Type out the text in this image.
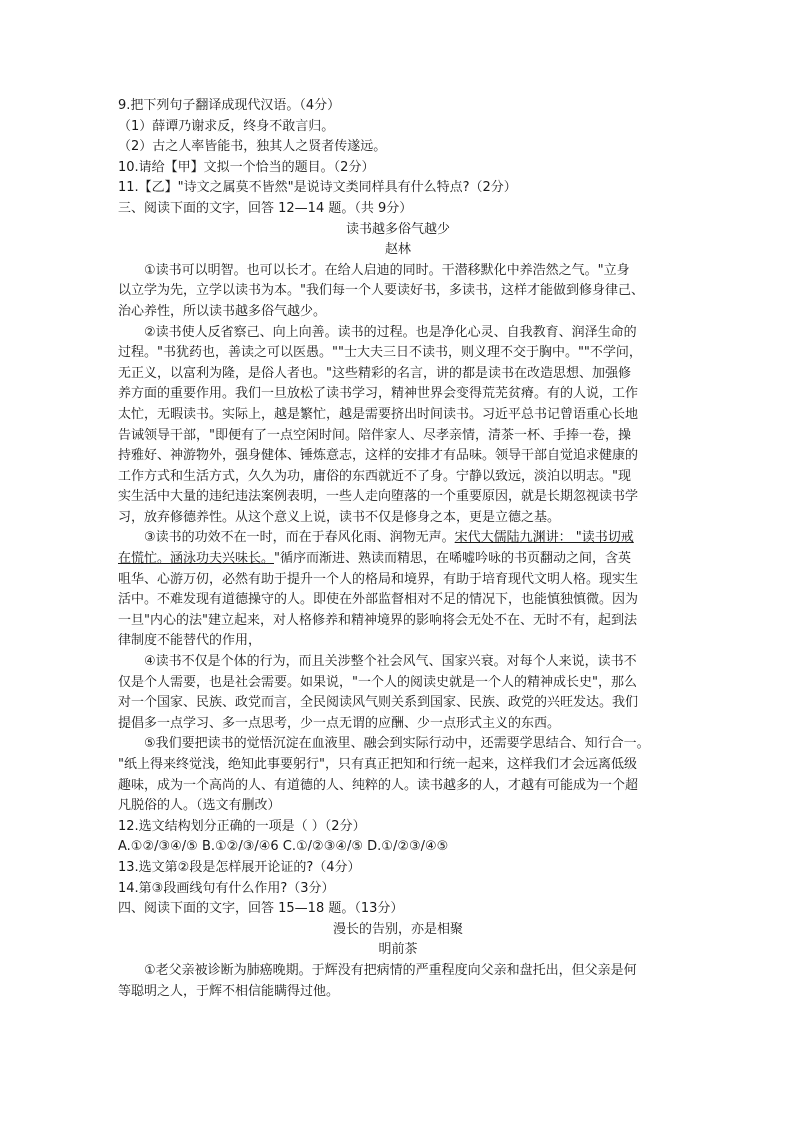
9.把下列句子翻译成现代汉语。（4分）
（1）薛谭乃谢求反，终身不敢言归。
（2）古之人率皆能书，独其人之贤者传遂远。
10.请给【甲】文拟一个恰当的题目。（2分）
11.【乙】"诗文之属莫不皆然"是说诗文类同样具有什么特点?（2分）
三、阅读下面的文字，回答 12—14 题。（共 9分）
读书越多俗气越少
赵林
①读书可以明智。也可以长才。在给人启迪的同时。干潜移默化中养浩然之气。"立身
以立学为先，立学以读书为本。"我们每一个人要读好书，多读书，这样才能做到修身律己、
治心养性，所以读书越多俗气越少。
②读书使人反省察己、向上向善。读书的过程。也是净化心灵、自我教育、润泽生命的
过程。"书犹药也，善读之可以医愚。""士大夫三日不读书，则义理不交于胸中。""不学问，
无正义，以富利为隆，是俗人者也。"这些精彩的名言，讲的都是读书在改造思想、加强修
养方面的重要作用。我们一旦放松了读书学习，精神世界会变得荒芜贫瘠。有的人说，工作
太忙，无暇读书。实际上，越是繁忙，越是需要挤出时间读书。习近平总书记曾语重心长地
告诫领导干部，"即便有了一点空闲时间。陪伴家人、尽孝亲情，清茶一杯、手捧一卷，操
持雅好、神游物外，强身健体、锤炼意志，这样的安排才有品味。领导干部自觉追求健康的
工作方式和生活方式，久久为功，庸俗的东西就近不了身。宁静以致远，淡泊以明志。"现
实生活中大量的违纪违法案例表明，一些人走向堕落的一个重要原因，就是长期忽视读书学
习，放弃修德养性。从这个意义上说，读书不仅是修身之本，更是立德之基。
③读书的功效不在一时，而在于春风化雨、润物无声。宋代大儒陆九渊讲： "读书切戒
在慌忙。涵泳功夫兴味长。"循序而渐进、熟读而精思，在唏嘘吟咏的书页翻动之间，含英
咀华、心游万仞，必然有助于提升一个人的格局和境界，有助于培育现代文明人格。现实生
活中。不难发现有道德操守的人。即使在外部监督相对不足的情况下，也能慎独慎微。因为
一旦"内心的法"建立起来，对人格修养和精神境界的影响将会无处不在、无时不有，起到法
律制度不能替代的作用，
④读书不仅是个体的行为，而且关涉整个社会风气、国家兴衰。对每个人来说，读书不
仅是个人需要，也是社会需要。如果说，"一个人的阅读史就是一个人的精神成长史"，那么
对一个国家、民族、政党而言，全民阅读风气则关系到国家、民族、政党的兴旺发达。我们
提倡多一点学习、多一点思考，少一点无谓的应酬、少一点形式主义的东西。
⑤我们要把读书的觉悟沉淀在血液里、融会到实际行动中，还需要学思结合、知行合一。
"纸上得来终觉浅，绝知此事要躬行"，只有真正把知和行统一起来，这样我们才会远离低级
趣味，成为一个高尚的人、有道德的人、纯粹的人。读书越多的人，才越有可能成为一个超
凡脱俗的人。（选文有删改）
12.选文结构划分正确的一项是（ ）（2分）
A.①②/③④/⑤ B.①②/③/④6 C.①/②③④/⑤ D.①/②③/④⑤
13.选文第②段是怎样展开论证的?（4分）
14.第③段画线句有什么作用?（3分）
四、阅读下面的文字，回答 15—18 题。（13分）
漫长的告别，亦是相聚
明前茶
①老父亲被诊断为肺癌晚期。于辉没有把病情的严重程度向父亲和盘托出，但父亲是何
等聪明之人，于辉不相信能瞒得过他。
